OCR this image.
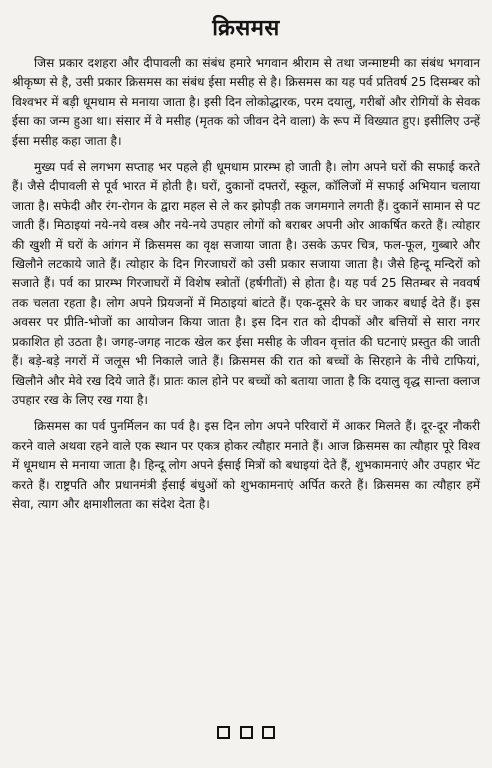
क्रिसमस

जिस प्रकार दशहरा और दीपावली का संबंध हमारे भगवान श्रीराम से तथा जन्माष्टमी का संबंध भगवान श्रीकृष्ण से है, उसी प्रकार क्रिसमस का संबंध ईसा मसीह से है। क्रिसमस का यह पर्व प्रतिवर्ष 25 दिसम्बर को विश्वभर में बड़ी धूमधाम से मनाया जाता है। इसी दिन लोकोद्धारक, परम दयालु, गरीबों और रोगियों के सेवक ईसा का जन्म हुआ था। संसार में वे मसीह (मृतक को जीवन देने वाला) के रूप में विख्यात हुए। इसीलिए उन्हें ईसा मसीह कहा जाता है।

मुख्य पर्व से लगभग सप्ताह भर पहले ही धूमधाम प्रारम्भ हो जाती है। लोग अपने घरों की सफाई करते हैं। जैसे दीपावली से पूर्व भारत में होती है। घरों, दुकानों दफ्तरों, स्कूल, कॉलिजों में सफाई अभियान चलाया जाता है। सफेदी और रंग-रोगन के द्वारा महल से ले कर झोपड़ी तक जगमगाने लगती हैं। दुकानें सामान से पट जाती हैं। मिठाइयां नये-नये वस्त्र और नये-नये उपहार लोगों को बराबर अपनी ओर आकर्षित करते हैं। त्योहार की खुशी में घरों के आंगन में क्रिसमस का वृक्ष सजाया जाता है। उसके ऊपर चित्र, फल-फूल, गुब्बारे और खिलौने लटकाये जाते हैं। त्योहार के दिन गिरजाघरों को उसी प्रकार सजाया जाता है। जैसे हिन्दू मन्दिरों को सजाते हैं। पर्व का प्रारम्भ गिरजाघरों में विशेष स्त्रोतों (हर्षगीतों) से होता है। यह पर्व 25 सितम्बर से नववर्ष तक चलता रहता है। लोग अपने प्रियजनों में मिठाइयां बांटते हैं। एक-दूसरे के घर जाकर बधाई देते हैं। इस अवसर पर प्रीति-भोजों का आयोजन किया जाता है। इस दिन रात को दीपकों और बत्तियों से सारा नगर प्रकाशित हो उठता है। जगह-जगह नाटक खेल कर ईसा मसीह के जीवन वृत्तांत की घटनाएं प्रस्तुत की जाती हैं। बड़े-बड़े नगरों में जलूस भी निकाले जाते हैं। क्रिसमस की रात को बच्चों के सिरहाने के नीचे टाफियां, खिलौने और मेवे रख दिये जाते हैं। प्रातः काल होने पर बच्चों को बताया जाता है कि दयालु वृद्ध सान्ता क्लाज उपहार रख के लिए रख गया है।

क्रिसमस का पर्व पुनर्मिलन का पर्व है। इस दिन लोग अपने परिवारों में आकर मिलते हैं। दूर-दूर नौकरी करने वाले अथवा रहने वाले एक स्थान पर एकत्र होकर त्यौहार मनाते हैं। आज क्रिसमस का त्यौहार पूरे विश्व में धूमधाम से मनाया जाता है। हिन्दू लोग अपने ईसाई मित्रों को बधाइयां देते हैं, शुभकामनाएं और उपहार भेंट करते हैं। राष्ट्रपति और प्रधानमंत्री ईसाई बंधुओं को शुभकामनाएं अर्पित करते हैं। क्रिसमस का त्यौहार हमें सेवा, त्याग और क्षमाशीलता का संदेश देता है।
